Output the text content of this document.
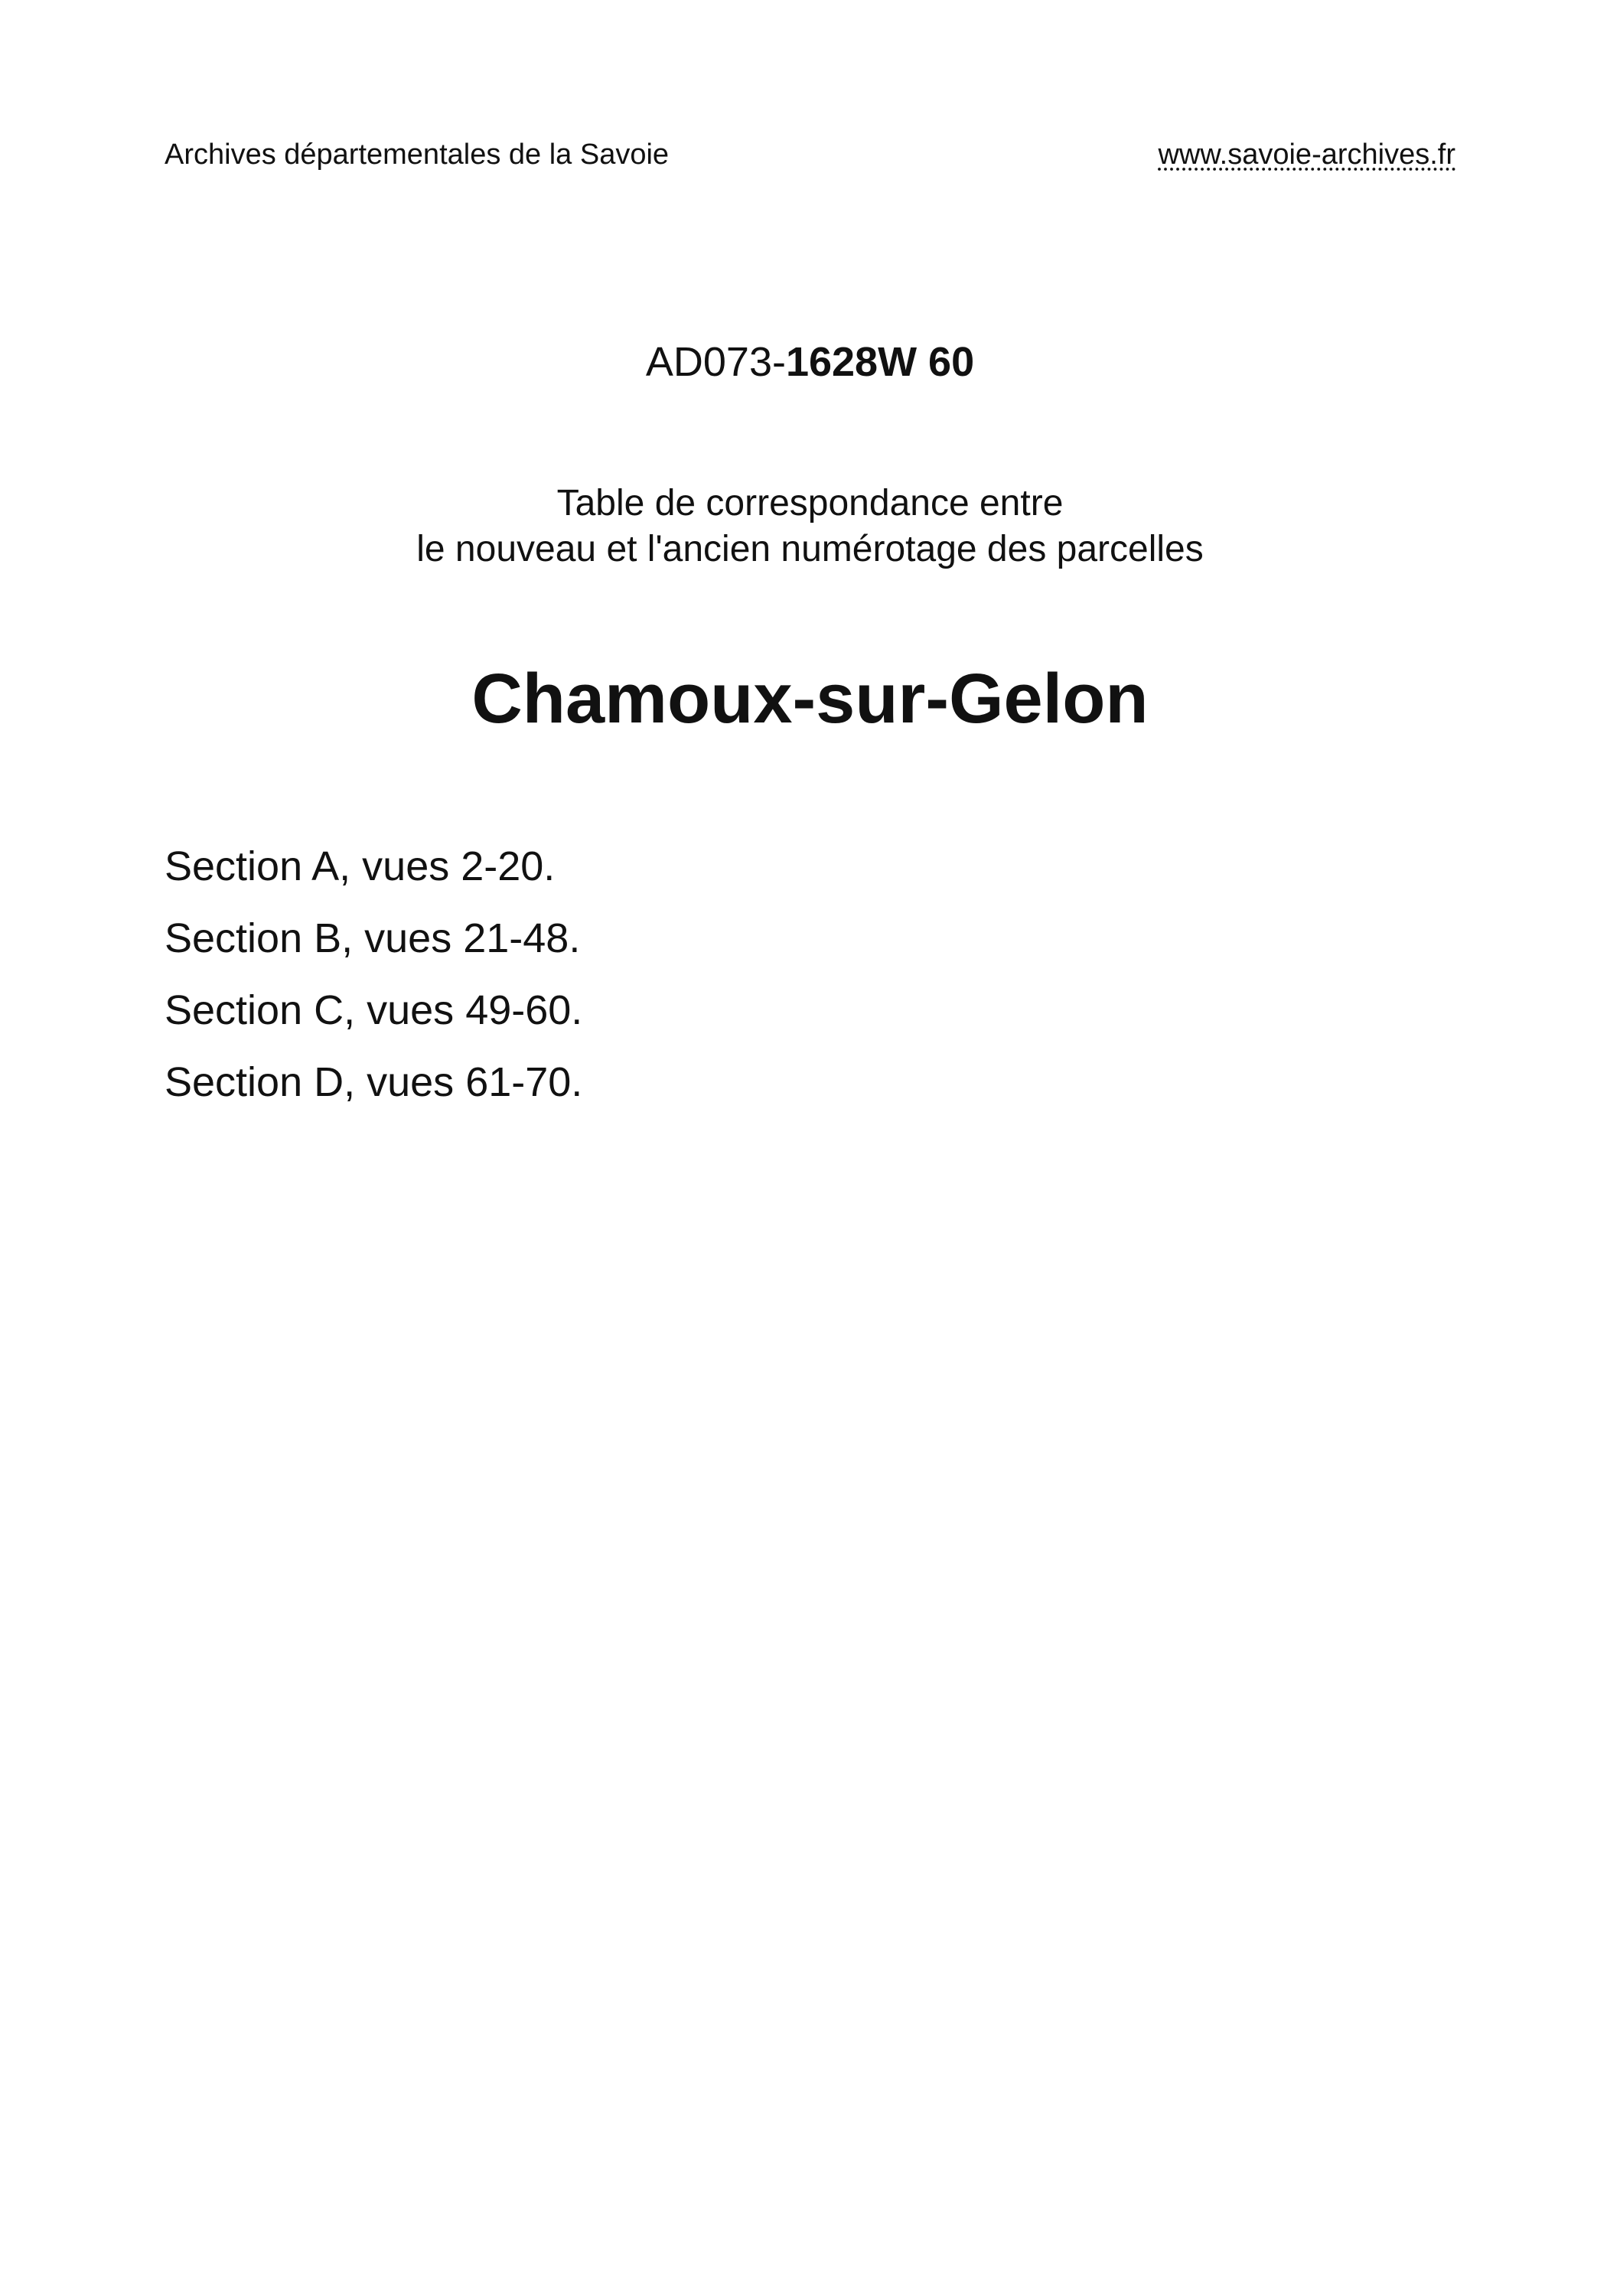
Archives départementales de la Savoie	www.savoie-archives.fr
AD073-1628W 60
Table de correspondance entre
le nouveau et l'ancien numérotage des parcelles
Chamoux-sur-Gelon
Section A, vues 2-20.
Section B, vues 21-48.
Section C, vues 49-60.
Section D, vues 61-70.
